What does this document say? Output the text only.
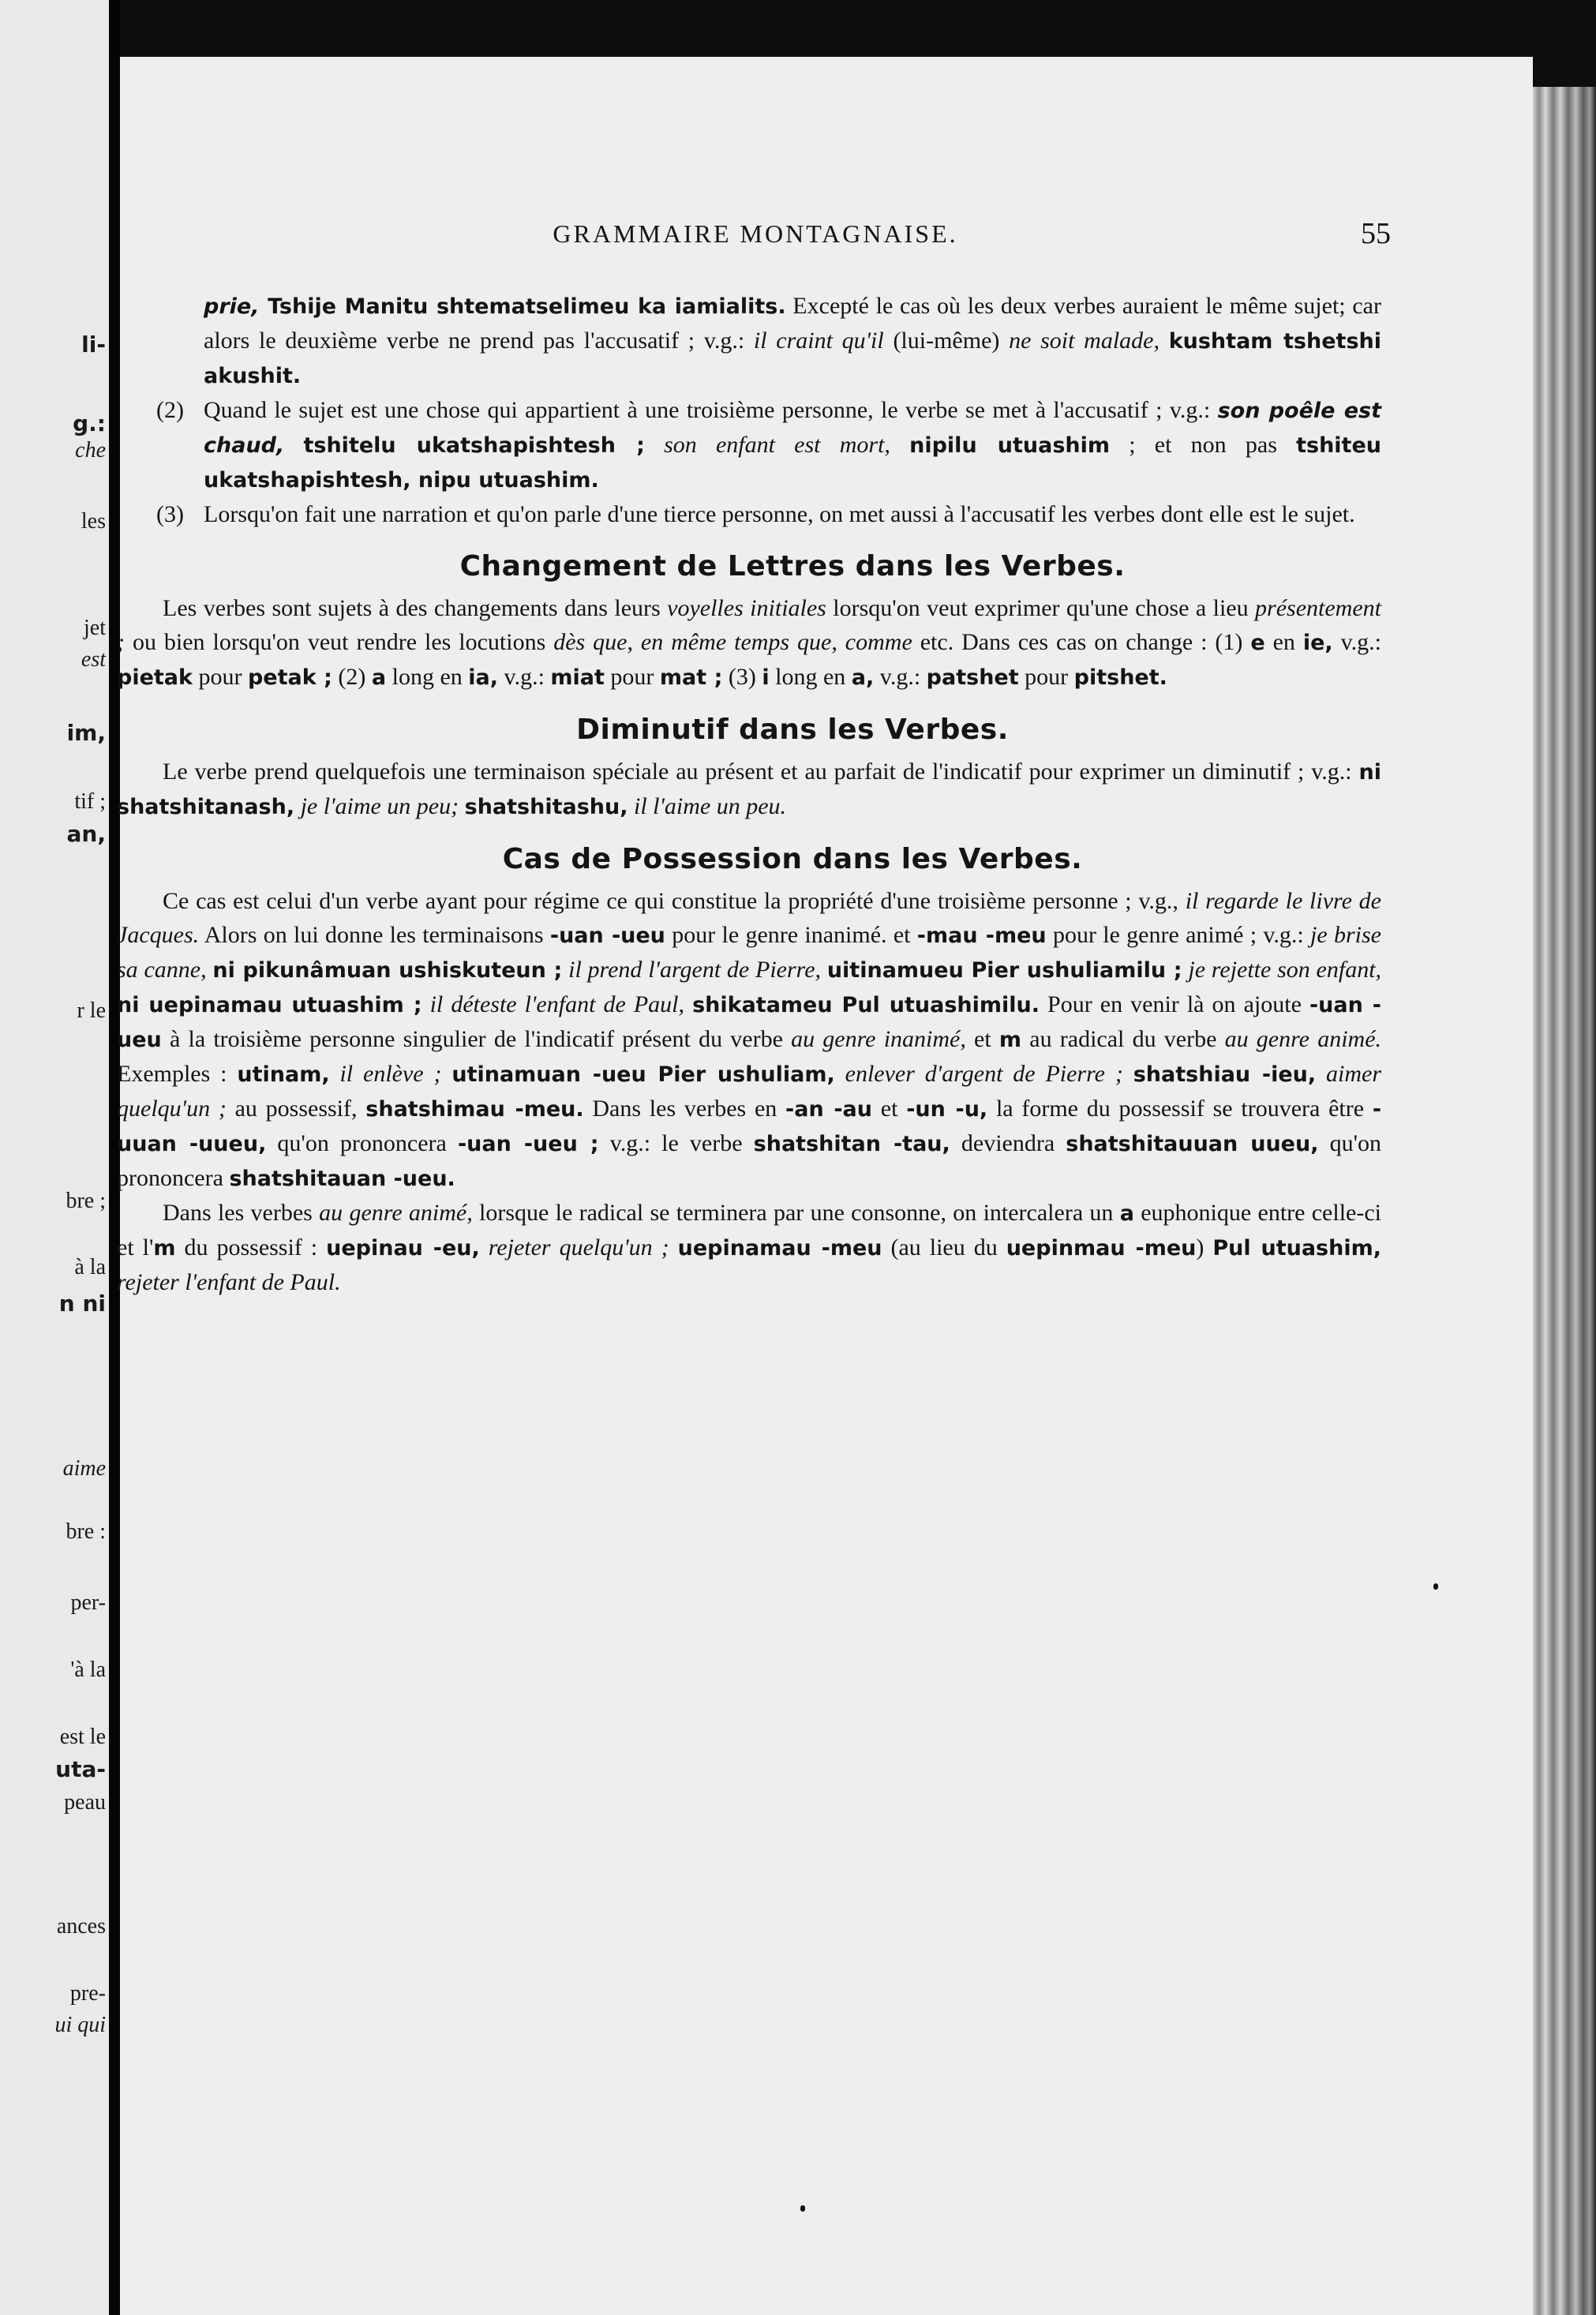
li-
g.:
che
les
jet
est
im,
tif ;
an,
r le
bre ;
à la
n ni
aime
bre :
per-
'à la
est le
uta-
peau
ances
pre-
ui qui
GRAMMAIRE MONTAGNAISE.	55

prie, Tshije Manitu shtematselimeu ka iamialits. Excepté le cas où les deux verbes auraient le même sujet; car alors le deuxième verbe ne prend pas l'accusatif ; v.g.: il craint qu'il (lui-même) ne soit malade, kushtam tshetshi akushit.

(2) Quand le sujet est une chose qui appartient à une troisième personne, le verbe se met à l'accusatif ; v.g.: son poêle est chaud, tshitelu ukatshapishtesh ; son enfant est mort, nipilu utuashim ; et non pas tshiteu ukatshapishtesh, nipu utuashim.

(3) Lorsqu'on fait une narration et qu'on parle d'une tierce personne, on met aussi à l'accusatif les verbes dont elle est le sujet.

Changement de Lettres dans les Verbes.

Les verbes sont sujets à des changements dans leurs voyelles initiales lorsqu'on veut exprimer qu'une chose a lieu présentement ; ou bien lorsqu'on veut rendre les locutions dès que, en même temps que, comme etc. Dans ces cas on change : (1) e en ie, v.g.: pietak pour petak ; (2) a long en ia, v.g.: miat pour mat ; (3) i long en a, v.g.: patshet pour pitshet.

Diminutif dans les Verbes.

Le verbe prend quelquefois une terminaison spéciale au présent et au parfait de l'indicatif pour exprimer un diminutif ; v.g.: ni shatshitanash, je l'aime un peu; shatshitashu, il l'aime un peu.

Cas de Possession dans les Verbes.

Ce cas est celui d'un verbe ayant pour régime ce qui constitue la propriété d'une troisième personne ; v.g., il regarde le livre de Jacques. Alors on lui donne les terminaisons -uan -ueu pour le genre inanimé. et -mau -meu pour le genre animé ; v.g.: je brise sa canne, ni pikunâmuan ushiskuteun ; il prend l'argent de Pierre, uitinamueu Pier ushuliamilu ; je rejette son enfant, ni uepinamau utuashim ; il déteste l'enfant de Paul, shikatameu Pul utuashimilu. Pour en venir là on ajoute -uan -ueu à la troisième personne singulier de l'indicatif présent du verbe au genre inanimé, et m au radical du verbe au genre animé. Exemples : utinam, il enlève ; utinamuan -ueu Pier ushuliam, enlever d'argent de Pierre ; shatshiau -ieu, aimer quelqu'un ; au possessif, shatshimau -meu. Dans les verbes en -an -au et -un -u, la forme du possessif se trouvera être -uuan -uueu, qu'on prononcera -uan -ueu ; v.g.: le verbe shatshitan -tau, deviendra shatshitauuan uueu, qu'on prononcera shatshitauan -ueu.

Dans les verbes au genre animé, lorsque le radical se terminera par une consonne, on intercalera un a euphonique entre celle-ci et l'm du possessif : uepinau -eu, rejeter quelqu'un ; uepinamau -meu (au lieu du uepinmau -meu) Pul utuashim, rejeter l'enfant de Paul.
